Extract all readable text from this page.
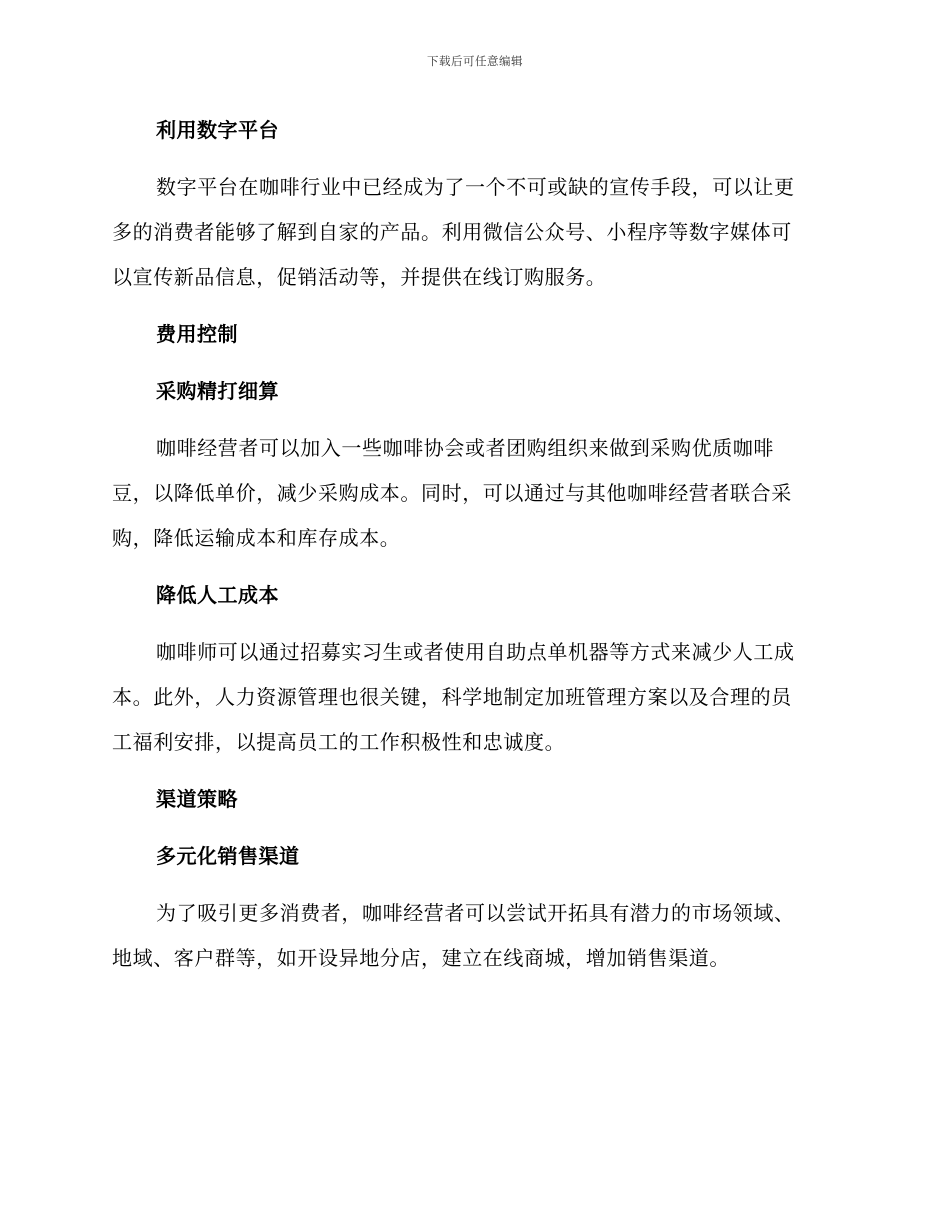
下载后可任意编辑
利用数字平台
数字平台在咖啡行业中已经成为了一个不可或缺的宣传手段，可以让更
多的消费者能够了解到自家的产品。利用微信公众号、小程序等数字媒体可
以宣传新品信息，促销活动等，并提供在线订购服务。
费用控制
采购精打细算
咖啡经营者可以加入一些咖啡协会或者团购组织来做到采购优质咖啡
豆，以降低单价，减少采购成本。同时，可以通过与其他咖啡经营者联合采
购，降低运输成本和库存成本。
降低人工成本
咖啡师可以通过招募实习生或者使用自助点单机器等方式来减少人工成
本。此外，人力资源管理也很关键，科学地制定加班管理方案以及合理的员
工福利安排，以提高员工的工作积极性和忠诚度。
渠道策略
多元化销售渠道
为了吸引更多消费者，咖啡经营者可以尝试开拓具有潜力的市场领域、
地域、客户群等，如开设异地分店，建立在线商城，增加销售渠道。
